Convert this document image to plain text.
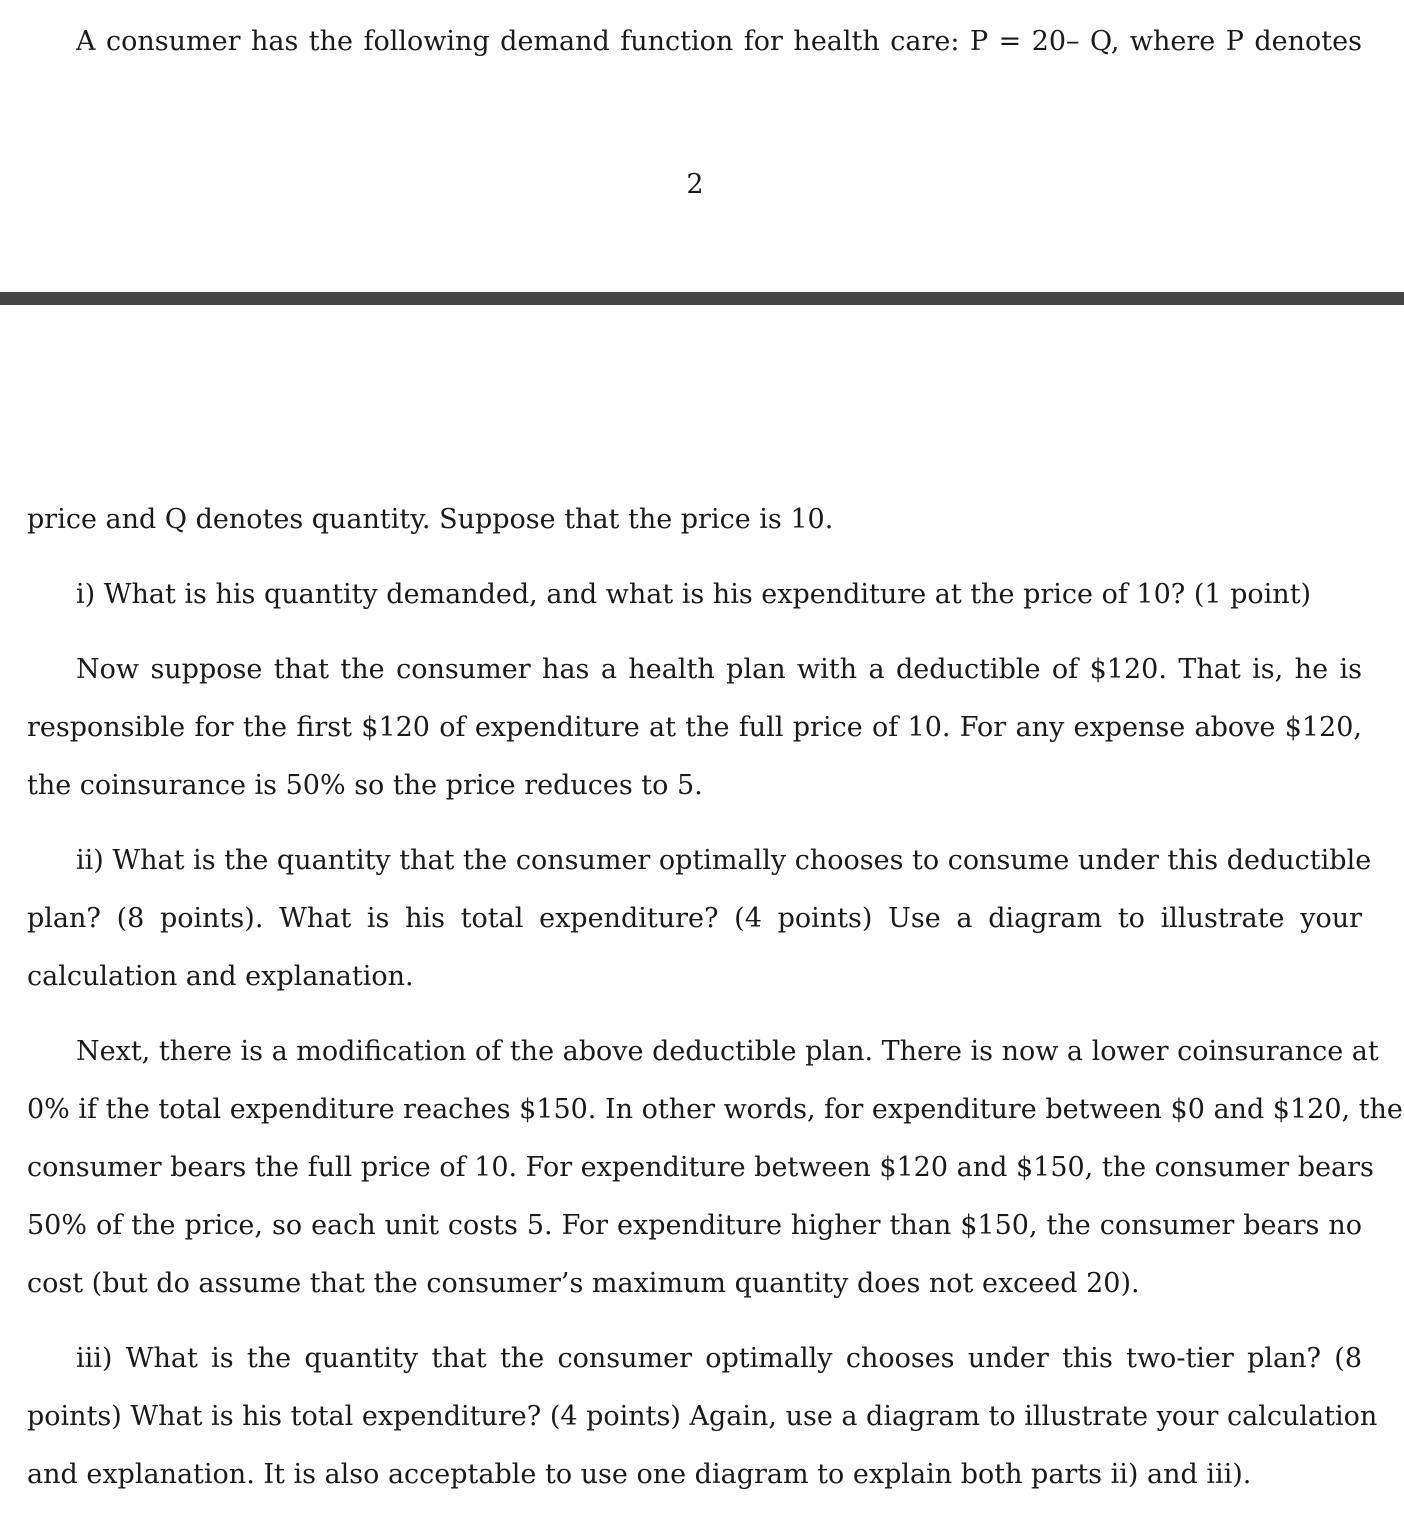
A consumer has the following demand function for health care: P = 20– Q, where P denotes

2

price and Q denotes quantity. Suppose that the price is 10.

i) What is his quantity demanded, and what is his expenditure at the price of 10? (1 point)

Now suppose that the consumer has a health plan with a deductible of $120. That is, he is

responsible for the first $120 of expenditure at the full price of 10. For any expense above $120,

the coinsurance is 50% so the price reduces to 5.

ii) What is the quantity that the consumer optimally chooses to consume under this deductible

plan? (8 points). What is his total expenditure? (4 points) Use a diagram to illustrate your

calculation and explanation.

Next, there is a modification of the above deductible plan. There is now a lower coinsurance at

0% if the total expenditure reaches $150. In other words, for expenditure between $0 and $120, the

consumer bears the full price of 10. For expenditure between $120 and $150, the consumer bears

50% of the price, so each unit costs 5. For expenditure higher than $150, the consumer bears no

cost (but do assume that the consumer’s maximum quantity does not exceed 20).

iii) What is the quantity that the consumer optimally chooses under this two-tier plan? (8

points) What is his total expenditure? (4 points) Again, use a diagram to illustrate your calculation

and explanation. It is also acceptable to use one diagram to explain both parts ii) and iii).
